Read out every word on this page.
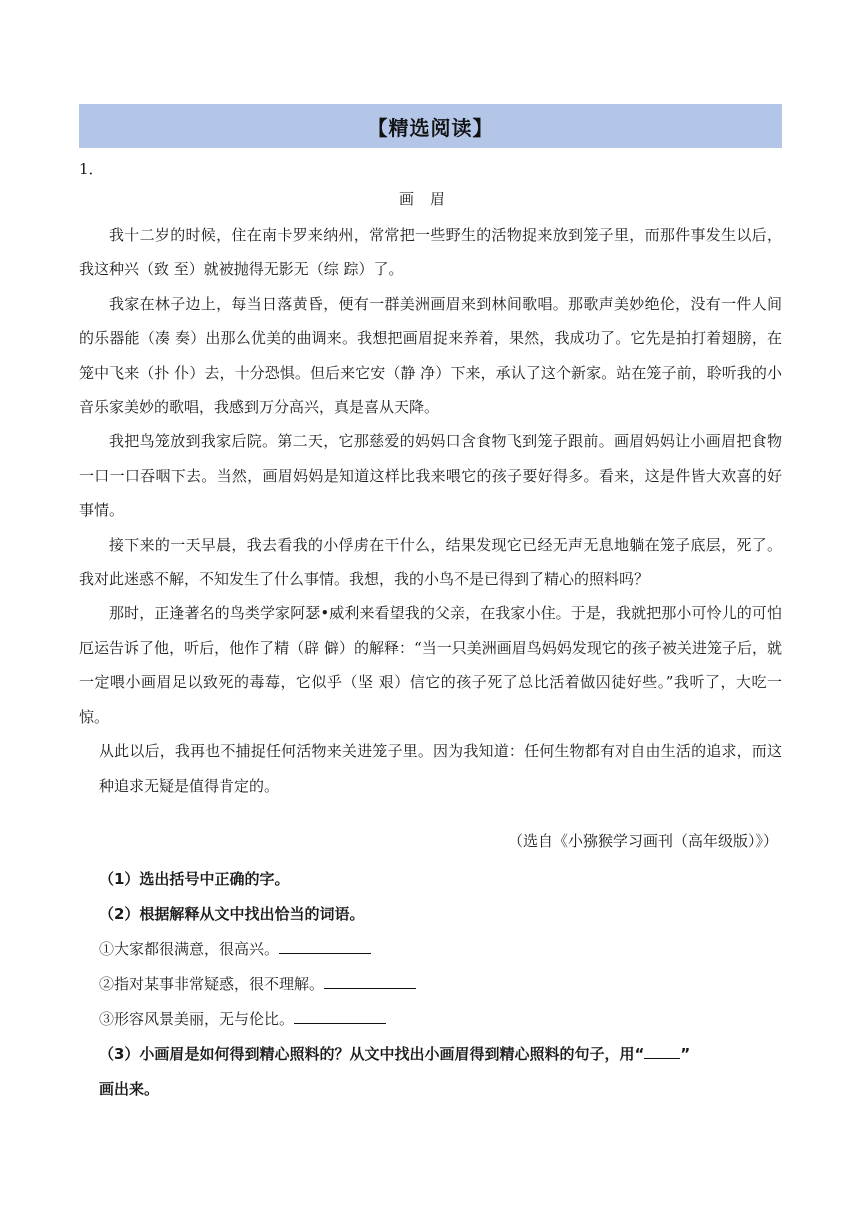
【精选阅读】
1．
画眉

我十二岁的时候，住在南卡罗来纳州，常常把一些野生的活物捉来放到笼子里，而那件事发生以后，我这种兴（致 至）就被抛得无影无（综 踪）了。

我家在林子边上，每当日落黄昏，便有一群美洲画眉来到林间歌唱。那歌声美妙绝伦，没有一件人间的乐器能（凑 奏）出那么优美的曲调来。我想把画眉捉来养着，果然，我成功了。它先是拍打着翅膀，在笼中飞来（扑 仆）去，十分恐惧。但后来它安（静 净）下来，承认了这个新家。站在笼子前，聆听我的小音乐家美妙的歌唱，我感到万分高兴，真是喜从天降。

我把鸟笼放到我家后院。第二天，它那慈爱的妈妈口含食物飞到笼子跟前。画眉妈妈让小画眉把食物一口一口吞咽下去。当然，画眉妈妈是知道这样比我来喂它的孩子要好得多。看来，这是件皆大欢喜的好事情。

接下来的一天早晨，我去看我的小俘虏在干什么，结果发现它已经无声无息地躺在笼子底层，死了。我对此迷惑不解，不知发生了什么事情。我想，我的小鸟不是已得到了精心的照料吗？

那时，正逢著名的鸟类学家阿瑟•威利来看望我的父亲，在我家小住。于是，我就把那小可怜儿的可怕厄运告诉了他，听后，他作了精（辟 僻）的解释：“当一只美洲画眉鸟妈妈发现它的孩子被关进笼子后，就一定喂小画眉足以致死的毒莓，它似乎（坚 艰）信它的孩子死了总比活着做囚徒好些。”我听了，大吃一惊。

从此以后，我再也不捕捉任何活物来关进笼子里。因为我知道：任何生物都有对自由生活的追求，而这种追求无疑是值得肯定的。

（选自《小猕猴学习画刊（高年级版）》）
（1）选出括号中正确的字。
（2）根据解释从文中找出恰当的词语。
①大家都很满意，很高兴。
②指对某事非常疑惑，很不理解。
③形容风景美丽，无与伦比。
（3）小画眉是如何得到精心照料的？从文中找出小画眉得到精心照料的句子，用“ ”
画出来。
